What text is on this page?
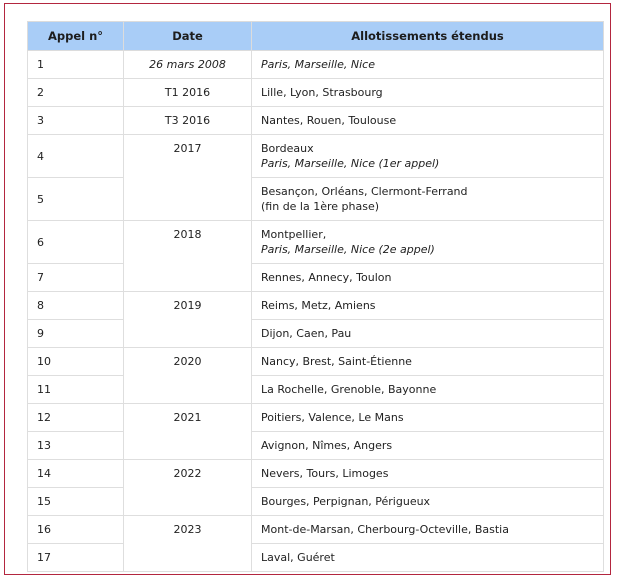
Appel n°	Date	Allotissements étendus
1	26 mars 2008	Paris, Marseille, Nice
2	T1 2016	Lille, Lyon, Strasbourg
3	T3 2016	Nantes, Rouen, Toulouse
4	2017	Bordeaux
Paris, Marseille, Nice (1er appel)

5		Besançon, Orléans, Clermont-Ferrand
(fin de la 1ère phase)

6	2018	Montpellier,
Paris, Marseille, Nice (2e appel)

7		Rennes, Annecy, Toulon
8	2019	Reims, Metz, Amiens
9		Dijon, Caen, Pau
10	2020	Nancy, Brest, Saint-Étienne
11		La Rochelle, Grenoble, Bayonne
12	2021	Poitiers, Valence, Le Mans
13		Avignon, Nîmes, Angers
14	2022	Nevers, Tours, Limoges
15		Bourges, Perpignan, Périgueux
16	2023	Mont-de-Marsan, Cherbourg-Octeville, Bastia
17		Laval, Guéret
